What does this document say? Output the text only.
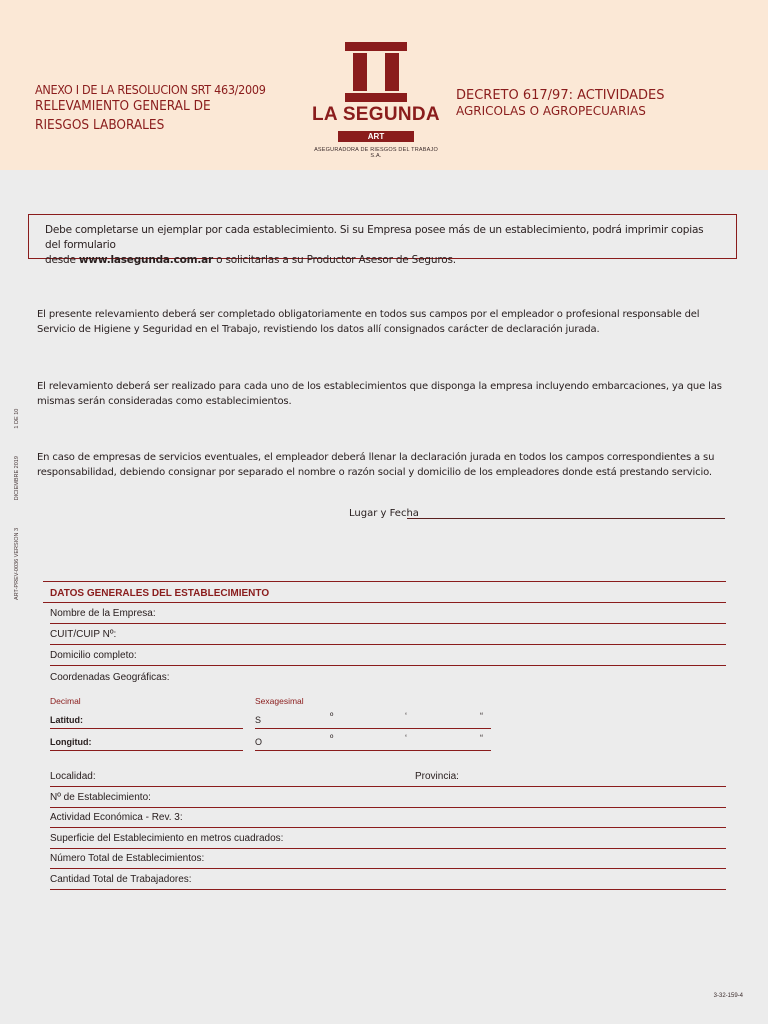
ANEXO I DE LA RESOLUCION SRT 463/2009
RELEVAMIENTO GENERAL DE
RIESGOS LABORALES	LA SEGUNDA
ART
ASEGURADORA DE RIESGOS DEL TRABAJO S.A.
DECRETO 617/97: ACTIVIDADES
AGRICOLAS O AGROPECUARIAS
Debe completarse un ejemplar por cada establecimiento. Si su Empresa posee más de un establecimiento, podrá imprimir copias del formulario
desde www.lasegunda.com.ar o solicitarlas a su Productor Asesor de Seguros.
El presente relevamiento deberá ser completado obligatoriamente en todos sus campos por el empleador o profesional responsable del Servicio de Higiene y Seguridad en el Trabajo, revistiendo los datos allí consignados carácter de declaración jurada.
El relevamiento deberá ser realizado para cada uno de los establecimientos que disponga la empresa incluyendo embarcaciones, ya que las mismas serán consideradas como establecimientos.
En caso de empresas de servicios eventuales, el empleador deberá llenar la declaración jurada en todos los campos correspondientes a su responsabilidad, debiendo consignar por separado el nombre o razón social y domicilio de los empleadores donde está prestando servicio.
ART-PREV-0036 VERSION 3 DICIEMBRE 2019 1 DE 10
Lugar y Fecha
DATOS GENERALES DEL ESTABLECIMIENTO
Nombre de la Empresa:
CUIT/CUIP Nº:
Domicilio completo:
Coordenadas Geográficas:
Decimal	Sexagesimal
Latitud:	S	º	‘	“
Longitud:	O	º	‘	“
Localidad:	Provincia:
Nº de Establecimiento:
Actividad Económica - Rev. 3:
Superficie del Establecimiento en metros cuadrados:
Número Total de Establecimientos:
Cantidad Total de Trabajadores:
3-32-159-4
